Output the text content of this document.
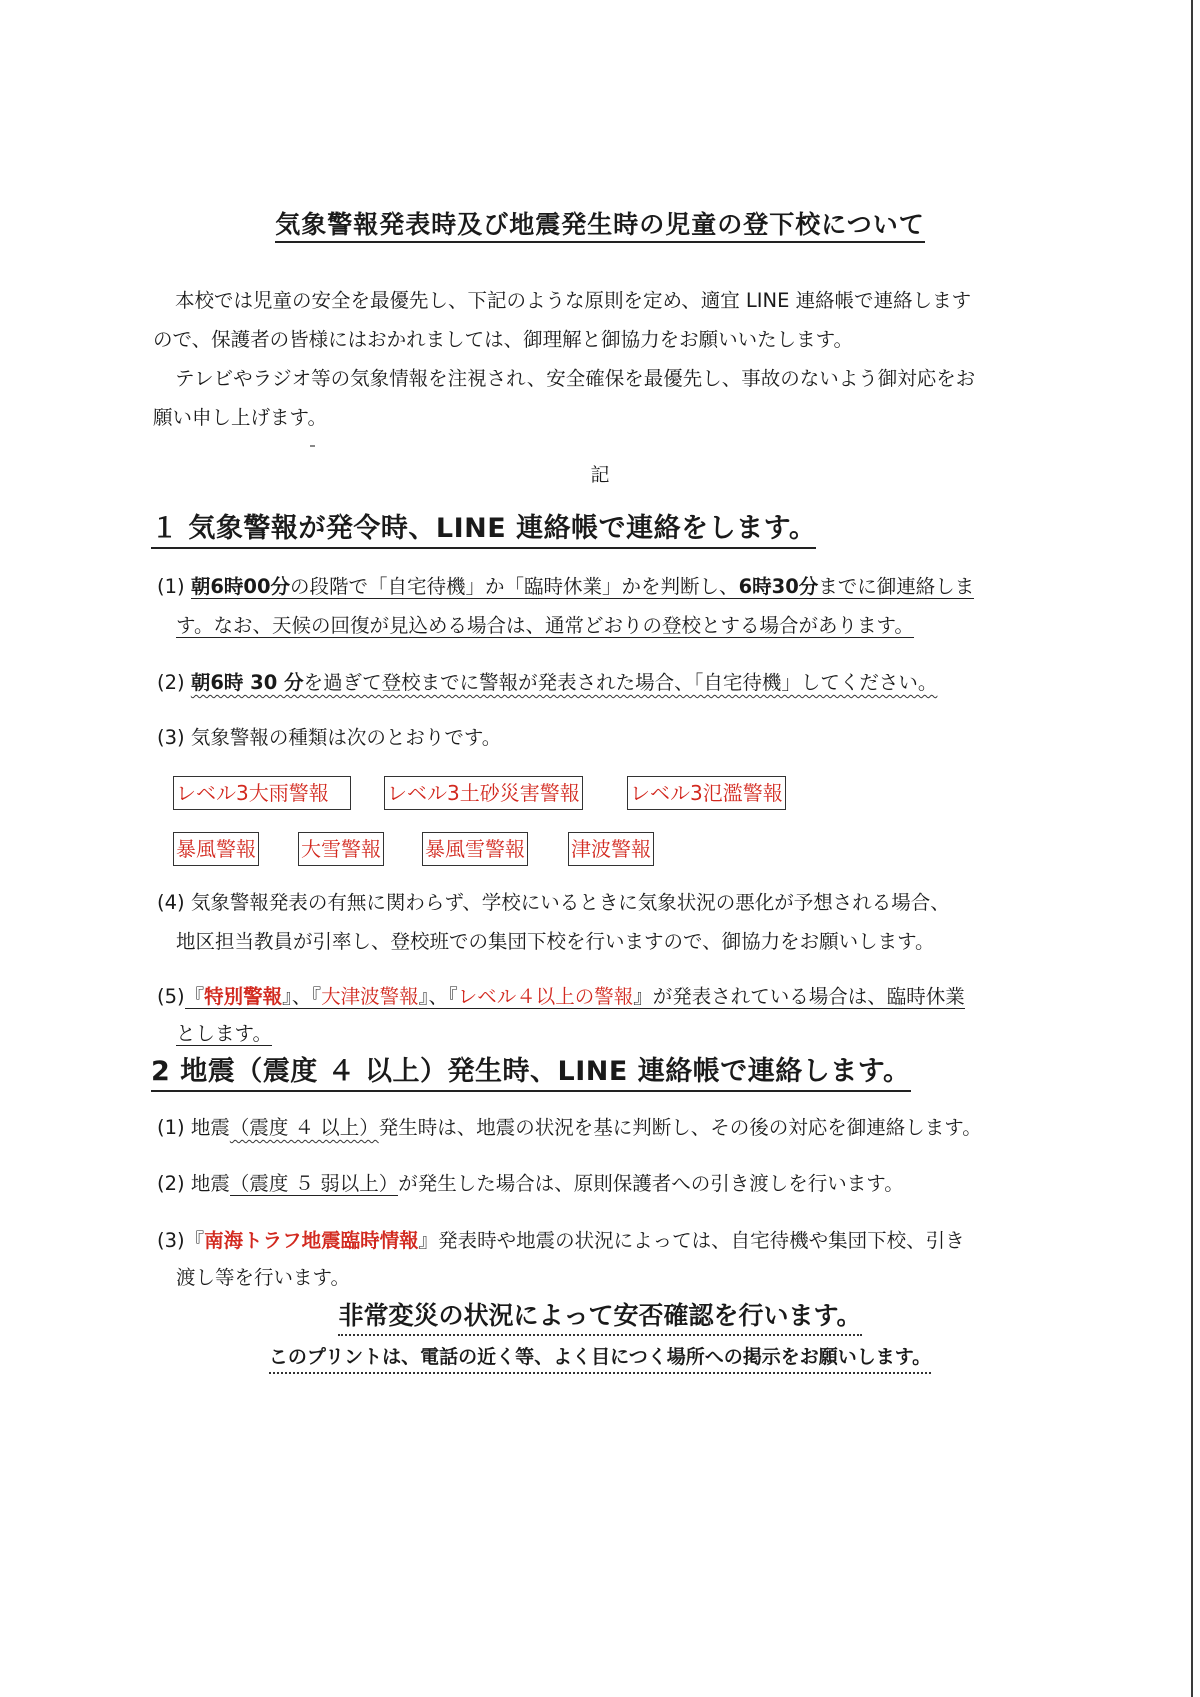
気象警報発表時及び地震発生時の児童の登下校について
本校では児童の安全を最優先し、下記のような原則を定め、適宜 LINE 連絡帳で連絡します
ので、保護者の皆様にはおかれましては、御理解と御協力をお願いいたします。
テレビやラジオ等の気象情報を注視され、安全確保を最優先し、事故のないよう御対応をお
願い申し上げます。
記
１ 気象警報が発令時、LINE 連絡帳で連絡をします。
(1) 朝6時00分の段階で「自宅待機」か「臨時休業」かを判断し、6時30分までに御連絡しま
す。なお、天候の回復が見込める場合は、通常どおりの登校とする場合があります。
(2) 朝6時 30 分を過ぎて登校までに警報が発表された場合、「自宅待機」してください。
(3) 気象警報の種類は次のとおりです。
レベル3大雨警報	レベル3土砂災害警報	レベル3氾濫警報
暴風警報 大雪警報 暴風雪警報 津波警報
(4) 気象警報発表の有無に関わらず、学校にいるときに気象状況の悪化が予想される場合、
地区担当教員が引率し、登校班での集団下校を行いますので、御協力をお願いします。
(5)『特別警報』、『大津波警報』、『レベル４以上の警報』が発表されている場合は、臨時休業
とします。
2 地震（震度 ４ 以上）発生時、LINE 連絡帳で連絡します。
(1) 地震（震度 ４ 以上）発生時は、地震の状況を基に判断し、その後の対応を御連絡します。
(2) 地震（震度 ５ 弱以上）が発生した場合は、原則保護者への引き渡しを行います。
(3)『南海トラフ地震臨時情報』発表時や地震の状況によっては、自宅待機や集団下校、引き
渡し等を行います。
非常変災の状況によって安否確認を行います。
このプリントは、電話の近く等、よく目につく場所への掲示をお願いします。
